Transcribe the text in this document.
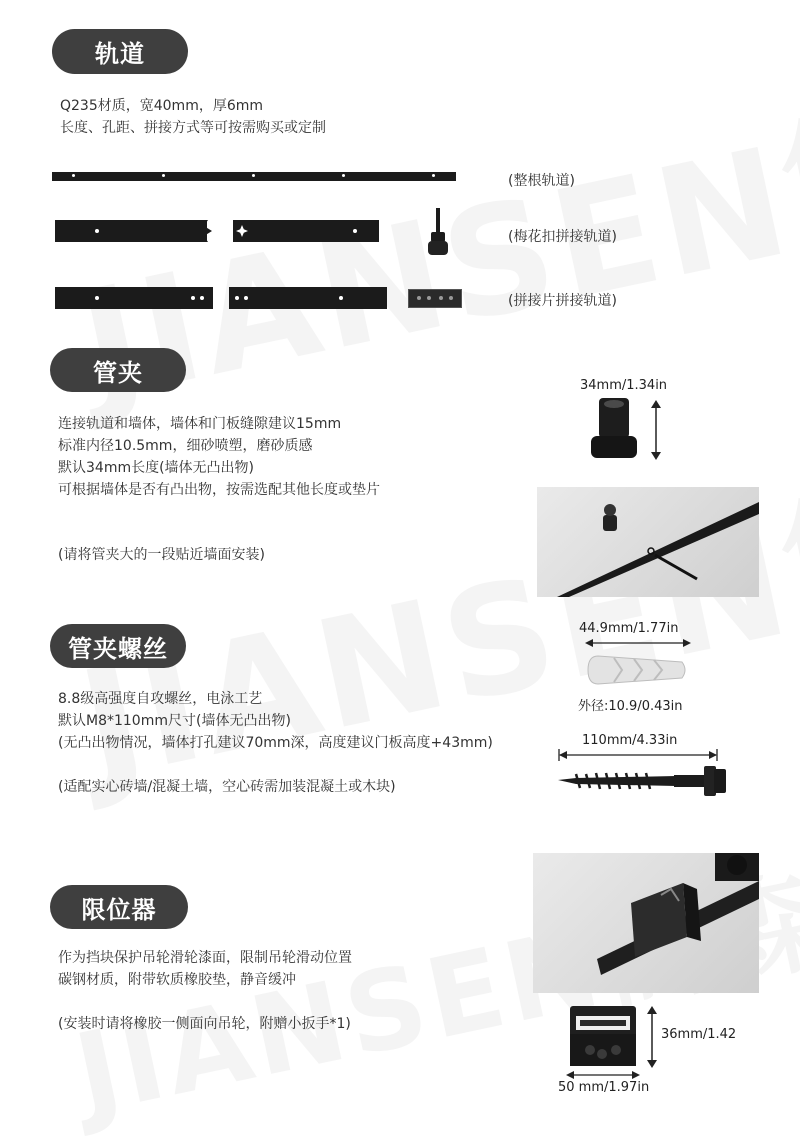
轨道
Q235材质，宽40mm，厚6mm
长度、孔距、拼接方式等可按需购买或定制
(整根轨道)
(梅花扣拼接轨道)
(拼接片拼接轨道)
管夹
连接轨道和墙体，墙体和门板缝隙建议15mm
标准内径10.5mm，细砂喷塑，磨砂质感
默认34mm长度(墙体无凸出物)
可根据墙体是否有凸出物，按需选配其他长度或垫片
(请将管夹大的一段贴近墙面安装)
34mm/1.34in
管夹螺丝
8.8级高强度自攻螺丝，电泳工艺
默认M8*110mm尺寸(墙体无凸出物)
(无凸出物情况，墙体打孔建议70mm深，高度建议门板高度+43mm)
(适配实心砖墙/混凝土墙，空心砖需加装混凝土或木块)
44.9mm/1.77in
外径:10.9/0.43in
110mm/4.33in
限位器
作为挡块保护吊轮滑轮漆面，限制吊轮滑动位置
碳钢材质，附带软质橡胶垫，静音缓冲
(安装时请将橡胶一侧面向吊轮，附赠小扳手*1)
36mm/1.42
50 mm/1.97in
